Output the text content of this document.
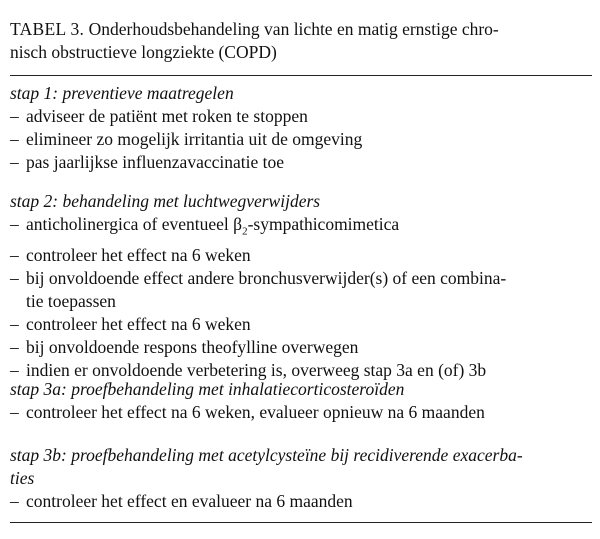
TABEL 3. Onderhoudsbehandeling van lichte en matig ernstige chro-
nisch obstructieve longziekte (COPD)
stap 1: preventieve maatregelen
– adviseer de patiënt met roken te stoppen
– elimineer zo mogelijk irritantia uit de omgeving
– pas jaarlijkse influenzavaccinatie toe
stap 2: behandeling met luchtwegverwijders
– anticholinergica of eventueel $\beta_2$-sympathicomimetica
– controleer het effect na 6 weken
– bij onvoldoende effect andere bronchusverwijder(s) of een combina-
tie toepassen
– controleer het effect na 6 weken
– bij onvoldoende respons theofylline overwegen
– indien er onvoldoende verbetering is, overweeg stap 3a en (of) 3b
stap 3a: proefbehandeling met inhalatiecorticosteroïden
– controleer het effect na 6 weken, evalueer opnieuw na 6 maanden
stap 3b: proefbehandeling met acetylcysteïne bij recidiverende exacerba-
ties
– controleer het effect en evalueer na 6 maanden
